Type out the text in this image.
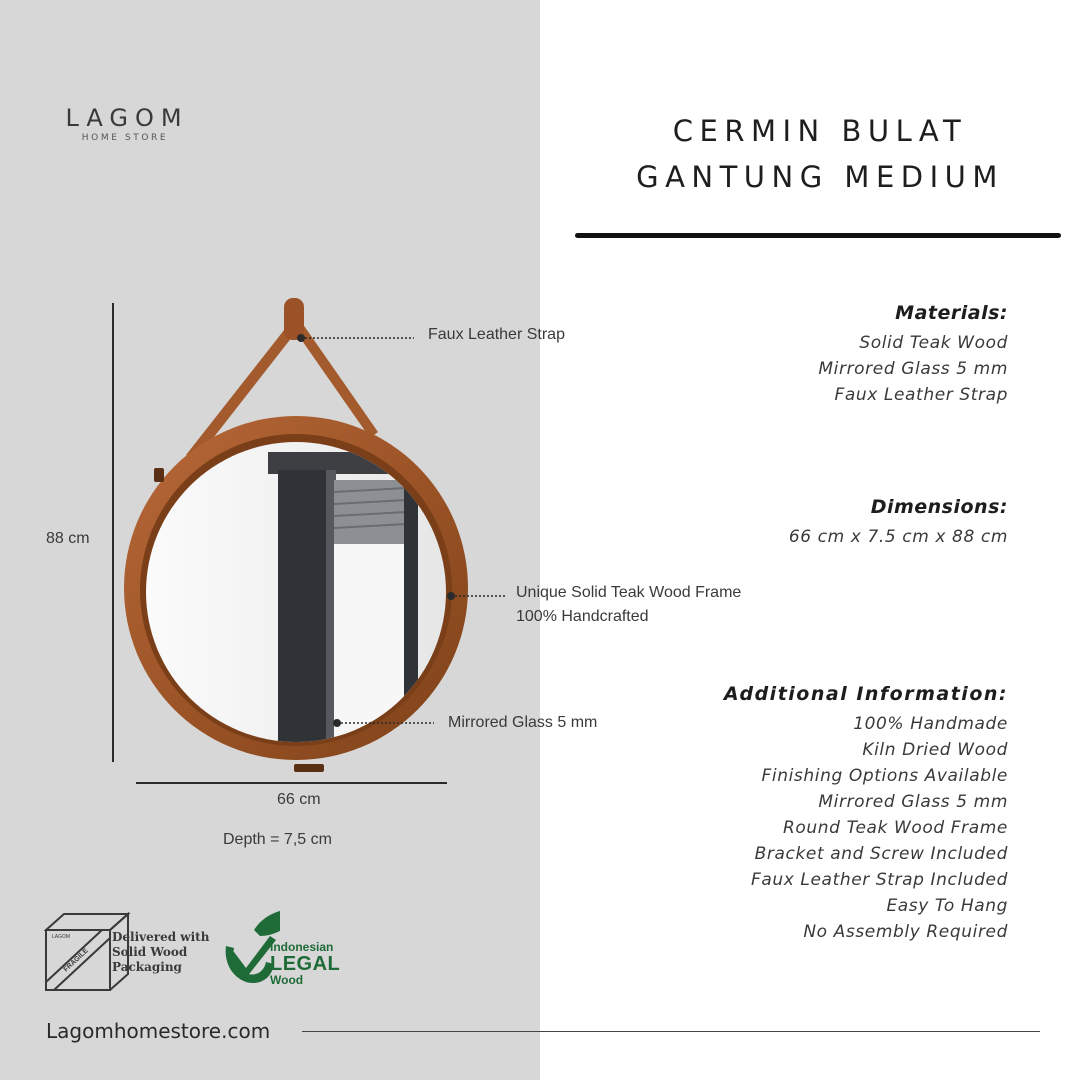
LAGOM
HOME STORE	CERMIN BULAT
GANTUNG MEDIUM
Materials:
Solid Teak Wood
Mirrored Glass 5 mm
Faux Leather Strap
Dimensions:
66 cm x 7.5 cm x 88 cm
Additional Information:
100% Handmade
Kiln Dried Wood
Finishing Options Available
Mirrored Glass 5 mm
Round Teak Wood Frame
Bracket and Screw Included
Faux Leather Strap Included
Easy To Hang
No Assembly Required
Faux Leather Strap
Unique Solid Teak Wood Frame
100% Handcrafted
Mirrored Glass 5 mm
88 cm
66 cm
Depth = 7,5 cm
LAGOM
FRAGILE
Delivered with
Solid Wood
Packaging
Indonesian
LEGAL
Wood
Lagomhomestore.com
